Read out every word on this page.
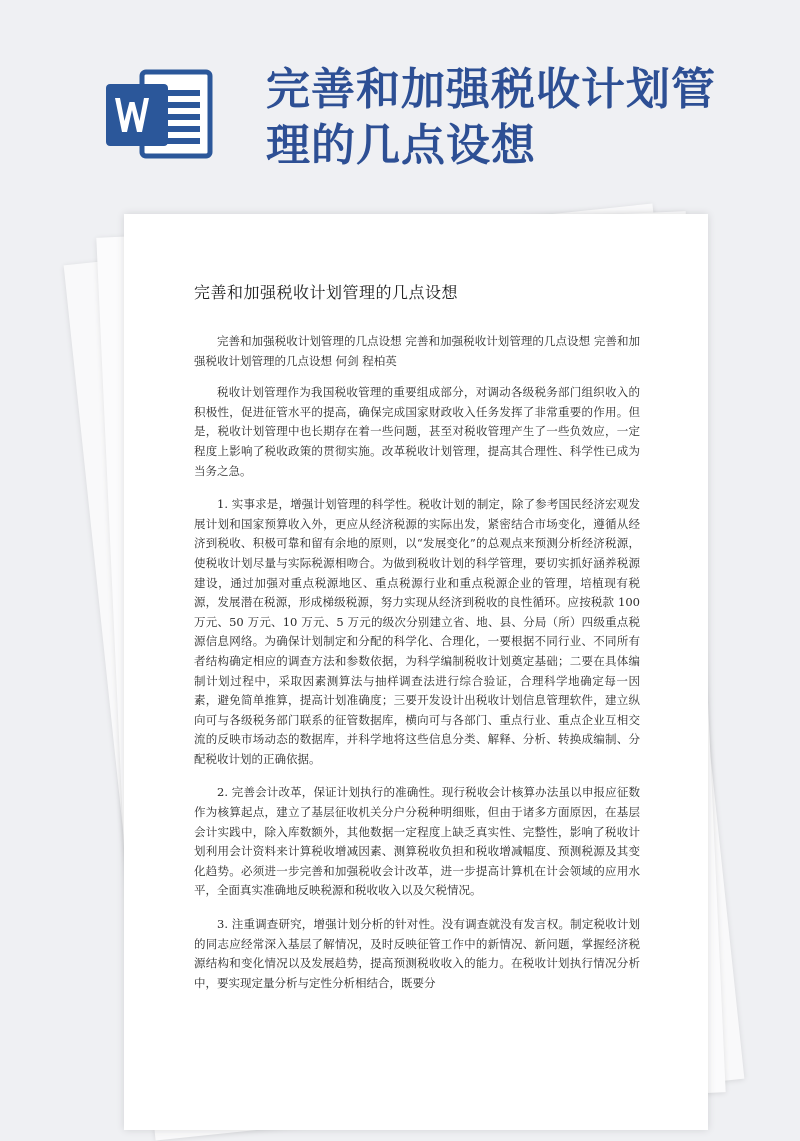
完善和加强税收计划管理的几点设想
完善和加强税收计划管理的几点设想

完善和加强税收计划管理的几点设想 完善和加强税收计划管理的几点设想 完善和加强税收计划管理的几点设想 何剑 程柏英

税收计划管理作为我国税收管理的重要组成部分，对调动各级税务部门组织收入的积极性，促进征管水平的提高，确保完成国家财政收入任务发挥了非常重要的作用。但是，税收计划管理中也长期存在着一些问题，甚至对税收管理产生了一些负效应，一定程度上影响了税收政策的贯彻实施。改革税收计划管理，提高其合理性、科学性已成为当务之急。

1. 实事求是，增强计划管理的科学性。税收计划的制定，除了参考国民经济宏观发展计划和国家预算收入外，更应从经济税源的实际出发，紧密结合市场变化，遵循从经济到税收、积极可靠和留有余地的原则，以“发展变化”的总观点来预测分析经济税源，使税收计划尽量与实际税源相吻合。为做到税收计划的科学管理，要切实抓好涵养税源建设，通过加强对重点税源地区、重点税源行业和重点税源企业的管理，培植现有税源，发展潜在税源，形成梯级税源，努力实现从经济到税收的良性循环。应按税款 100 万元、50 万元、10 万元、5 万元的级次分别建立省、地、县、分局（所）四级重点税源信息网络。为确保计划制定和分配的科学化、合理化，一要根据不同行业、不同所有者结构确定相应的调查方法和参数依据，为科学编制税收计划奠定基础；二要在具体编制计划过程中，采取因素测算法与抽样调查法进行综合验证，合理科学地确定每一因素，避免简单推算，提高计划准确度；三要开发设计出税收计划信息管理软件，建立纵向可与各级税务部门联系的征管数据库，横向可与各部门、重点行业、重点企业互相交流的反映市场动态的数据库，并科学地将这些信息分类、解释、分析、转换成编制、分配税收计划的正确依据。

2. 完善会计改革，保证计划执行的准确性。现行税收会计核算办法虽以申报应征数作为核算起点，建立了基层征收机关分户分税种明细账，但由于诸多方面原因，在基层会计实践中，除入库数额外，其他数据一定程度上缺乏真实性、完整性，影响了税收计划利用会计资料来计算税收增减因素、测算税收负担和税收增减幅度、预测税源及其变化趋势。必须进一步完善和加强税收会计改革，进一步提高计算机在计会领域的应用水平，全面真实准确地反映税源和税收收入以及欠税情况。

3. 注重调查研究，增强计划分析的针对性。没有调查就没有发言权。制定税收计划的同志应经常深入基层了解情况，及时反映征管工作中的新情况、新问题，掌握经济税源结构和变化情况以及发展趋势，提高预测税收收入的能力。在税收计划执行情况分析中，要实现定量分析与定性分析相结合，既要分
